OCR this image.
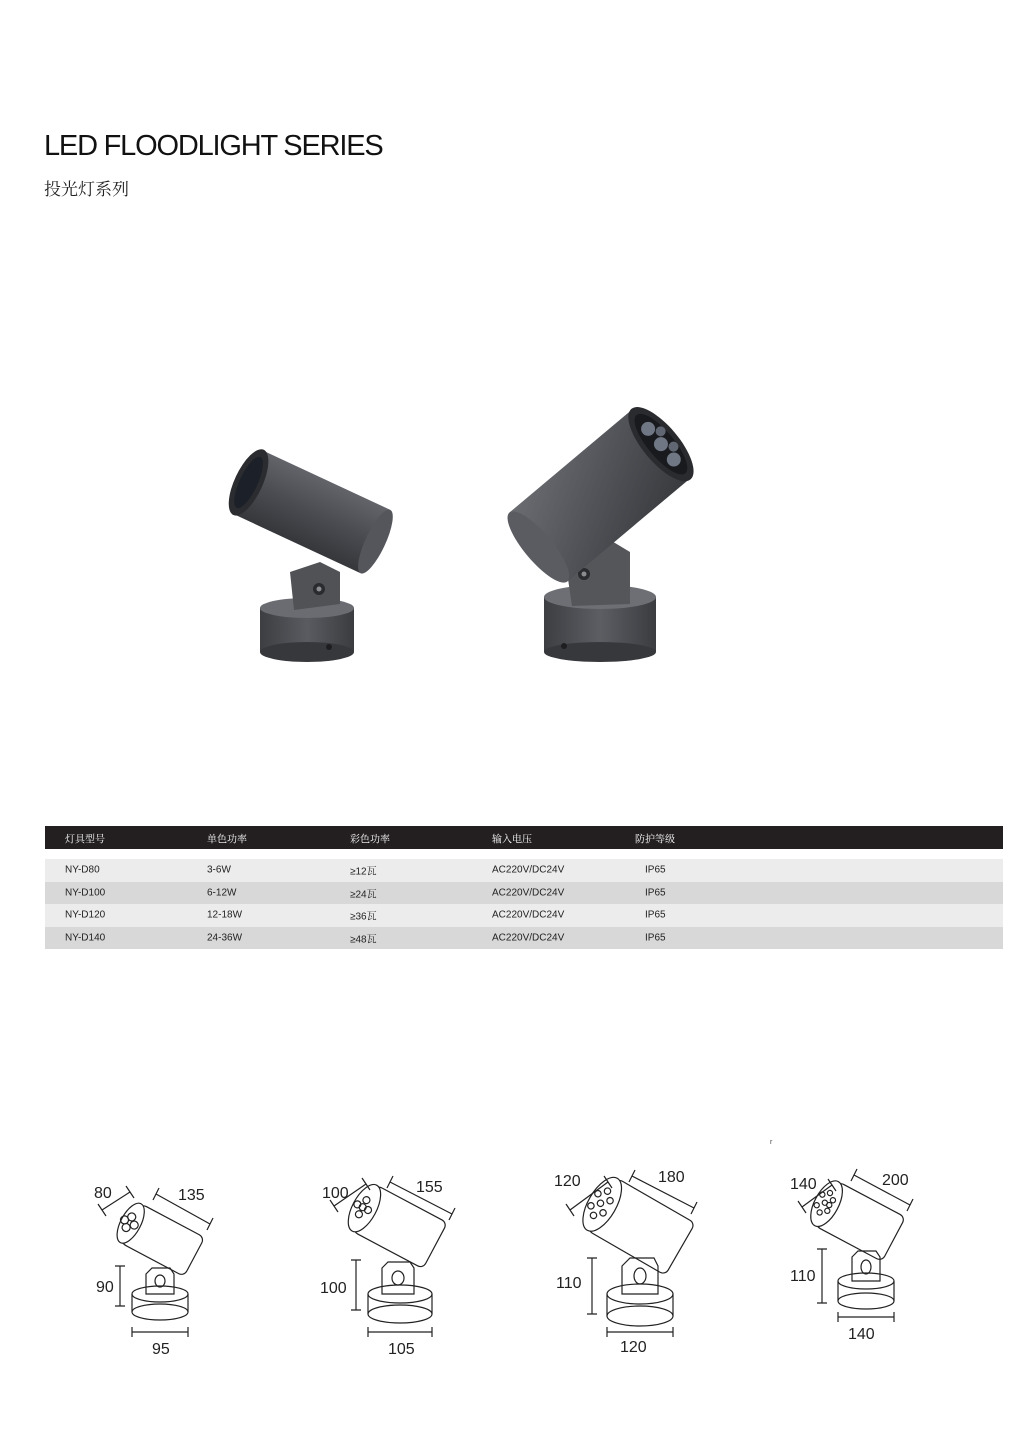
LED FLOODLIGHT SERIES
投光灯系列
灯具型号	单色功率	彩色功率	输入电压	防护等级
NY-D80	3-6W	≥12瓦	AC220V/DC24V	IP65
NY-D100	6-12W	≥24瓦	AC220V/DC24V	IP65
NY-D120	12-18W	≥36瓦	AC220V/DC24V	IP65
NY-D140	24-36W	≥48瓦	AC220V/DC24V	IP65
r
80	135
90
95
100	155
100
105
120	180
110
120
140	200
110
140
